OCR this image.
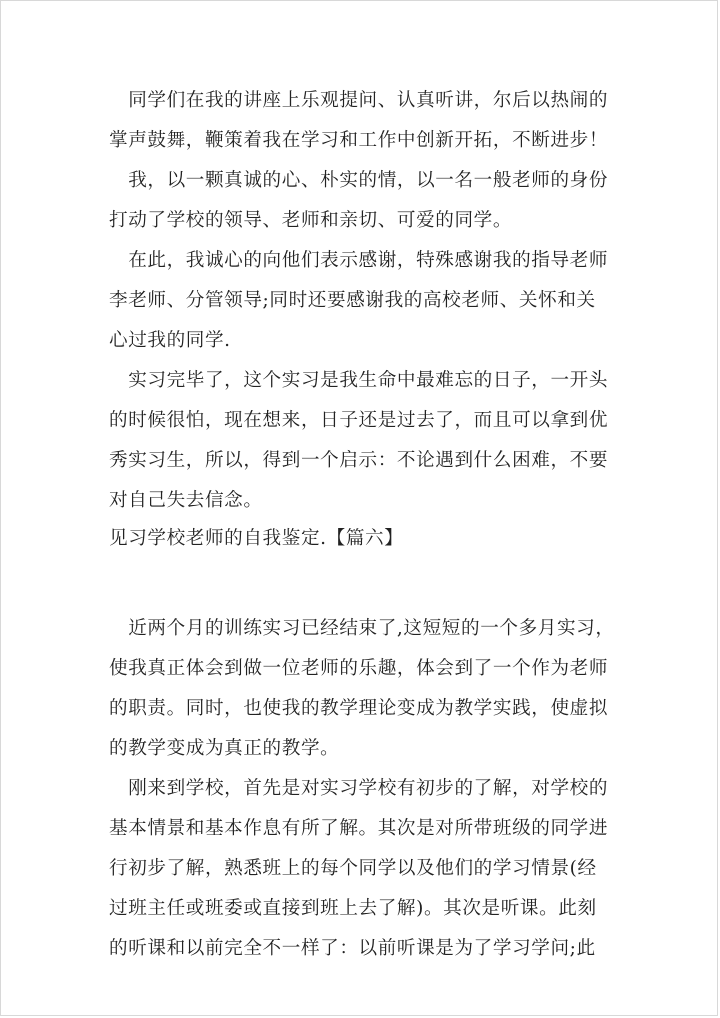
　同学们在我的讲座上乐观提问、认真听讲，尔后以热闹的
掌声鼓舞，鞭策着我在学习和工作中创新开拓，不断进步！
　我，以一颗真诚的心、朴实的情，以一名一般老师的身份
打动了学校的领导、老师和亲切、可爱的同学。
　在此，我诚心的向他们表示感谢，特殊感谢我的指导老师
李老师、分管领导;同时还要感谢我的高校老师、关怀和关
心过我的同学.
　实习完毕了，这个实习是我生命中最难忘的日子，一开头
的时候很怕，现在想来，日子还是过去了，而且可以拿到优
秀实习生，所以，得到一个启示：不论遇到什么困难，不要
对自己失去信念。
见习学校老师的自我鉴定.【篇六】
　近两个月的训练实习已经结束了,这短短的一个多月实习，
使我真正体会到做一位老师的乐趣，体会到了一个作为老师
的职责。同时，也使我的教学理论变成为教学实践，使虚拟
的教学变成为真正的教学。
　刚来到学校，首先是对实习学校有初步的了解，对学校的
基本情景和基本作息有所了解。其次是对所带班级的同学进
行初步了解，熟悉班上的每个同学以及他们的学习情景(经
过班主任或班委或直接到班上去了解)。其次是听课。此刻
的听课和以前完全不一样了：以前听课是为了学习学问;此
